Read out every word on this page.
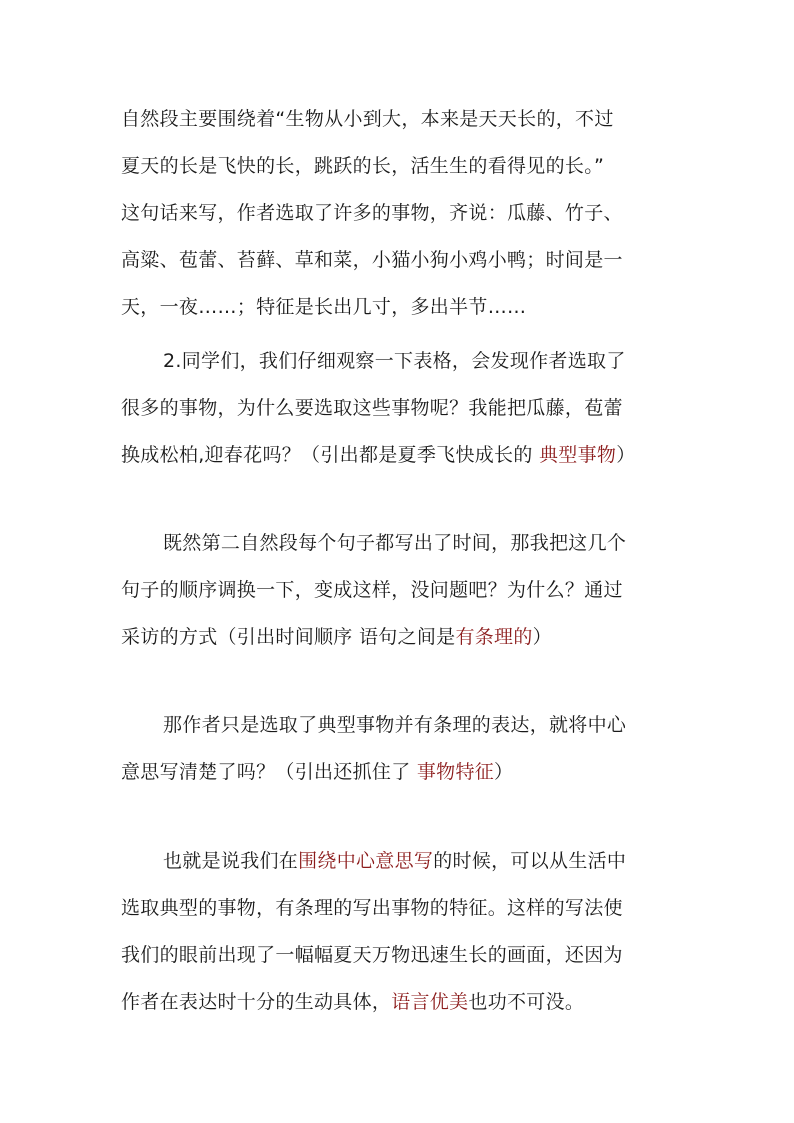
自然段主要围绕着“生物从小到大，本来是天天长的，不过
夏天的长是飞快的长，跳跃的长，活生生的看得见的长。”
这句话来写，作者选取了许多的事物，齐说：瓜藤、竹子、
高粱、苞蕾、苔藓、草和菜，小猫小狗小鸡小鸭；时间是一
天，一夜……；特征是长出几寸，多出半节……
2.同学们，我们仔细观察一下表格，会发现作者选取了
很多的事物，为什么要选取这些事物呢？我能把瓜藤，苞蕾
换成松柏,迎春花吗？（引出都是夏季飞快成长的 典型事物）
既然第二自然段每个句子都写出了时间，那我把这几个
句子的顺序调换一下，变成这样，没问题吧？为什么？通过
采访的方式（引出时间顺序 语句之间是有条理的）
那作者只是选取了典型事物并有条理的表达，就将中心
意思写清楚了吗？（引出还抓住了 事物特征）
也就是说我们在围绕中心意思写的时候，可以从生活中
选取典型的事物，有条理的写出事物的特征。这样的写法使
我们的眼前出现了一幅幅夏天万物迅速生长的画面，还因为
作者在表达时十分的生动具体，语言优美也功不可没。
